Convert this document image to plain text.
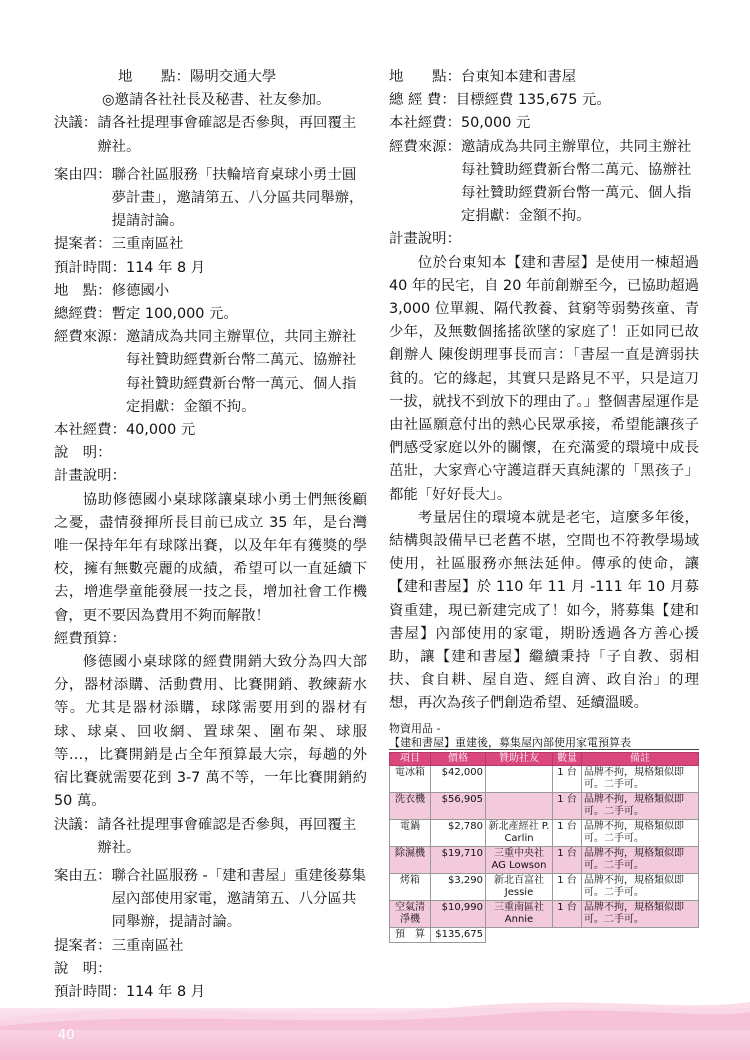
地　　點： 陽明交通大學
◎邀請各社社長及秘書、社友參加。
決議： 請各社提理事會確認是否參與，再回覆主辦社。
案由四： 聯合社區服務「扶輪培育桌球小勇士圓夢計畫」，邀請第五、八分區共同舉辦，提請討論。
提案者： 三重南區社
預計時間： 114 年 8 月
地　點： 修德國小
總經費： 暫定 100,000 元。
經費來源： 邀請成為共同主辦單位，共同主辦社每社贊助經費新台幣二萬元、協辦社每社贊助經費新台幣一萬元、個人指定捐獻：金額不拘。
本社經費： 40,000 元
說　明：
計畫說明：
協助修德國小桌球隊讓桌球小勇士們無後顧之憂，盡情發揮所長目前已成立 35 年，是台灣唯一保持年年有球隊出賽，以及年年有獲獎的學校，擁有無數亮麗的成績，希望可以一直延續下去，增進學童能發展一技之長，增加社會工作機會，更不要因為費用不夠而解散！
經費預算：
修德國小桌球隊的經費開銷大致分為四大部分，器材添購、活動費用、比賽開銷、教練薪水等。尤其是器材添購，球隊需要用到的器材有球、球桌、回收網、置球架、圍布架、球服等…，比賽開銷是占全年預算最大宗，每趟的外宿比賽就需要花到 3-7 萬不等，一年比賽開銷約 50 萬。
決議： 請各社提理事會確認是否參與，再回覆主辦社。
案由五： 聯合社區服務 -「建和書屋」重建後募集屋內部使用家電，邀請第五、八分區共同舉辦，提請討論。
提案者： 三重南區社
說　明：
預計時間： 114 年 8 月
地　　點： 台東知本建和書屋
總 經 費： 目標經費 135,675 元。
本社經費： 50,000 元
經費來源： 邀請成為共同主辦單位，共同主辦社每社贊助經費新台幣二萬元、協辦社每社贊助經費新台幣一萬元、個人指定捐獻：金額不拘。
計畫說明：
位於台東知本【建和書屋】是使用一棟超過 40 年的民宅，自 20 年前創辦至今，已協助超過 3,000 位單親、隔代教養、貧窮等弱勢孩童、青少年，及無數個搖搖欲墜的家庭了！正如同已故創辦人 陳俊朗理事長而言：「書屋一直是濟弱扶貧的。它的緣起，其實只是路見不平，只是這刀一拔，就找不到放下的理由了。」整個書屋運作是由社區願意付出的熱心民眾承接，希望能讓孩子們感受家庭以外的關懷，在充滿愛的環境中成長茁壯，大家齊心守護這群天真純潔的「黑孩子」都能「好好長大」。
考量居住的環境本就是老宅，這麼多年後，結構與設備早已老舊不堪，空間也不符教學場域使用，社區服務亦無法延伸。傳承的使命，讓【建和書屋】於 110 年 11 月 -111 年 10 月募資重建，現已新建完成了！如今，將募集【建和書屋】內部使用的家電，期盼透過各方善心援助，讓【建和書屋】繼續秉持「子自教、弱相扶、食自耕、屋自造、經自濟、政自治」的理想，再次為孩子們創造希望、延續溫暖。
物資用品 -
【建和書屋】重建後，募集屋內部使用家電預算表
項目	價格	贊助社友	數量	備註
電冰箱	$42,000		1 台	品牌不拘，規格類似即可。二手可。
洗衣機	$56,905		1 台	品牌不拘，規格類似即可。二手可。
電鍋	$2,780	新北產經社 P. Carlin	1 台	品牌不拘，規格類似即可。二手可。
除濕機	$19,710	三重中央社 AG Lowson	1 台	品牌不拘，規格類似即可。二手可。
烤箱	$3,290	新北百富社 Jessie	1 台	品牌不拘，規格類似即可。二手可。
空氣清淨機	$10,990	三重南區社 Annie	1 台	品牌不拘，規格類似即可。二手可。
預　算	$135,675			
40
